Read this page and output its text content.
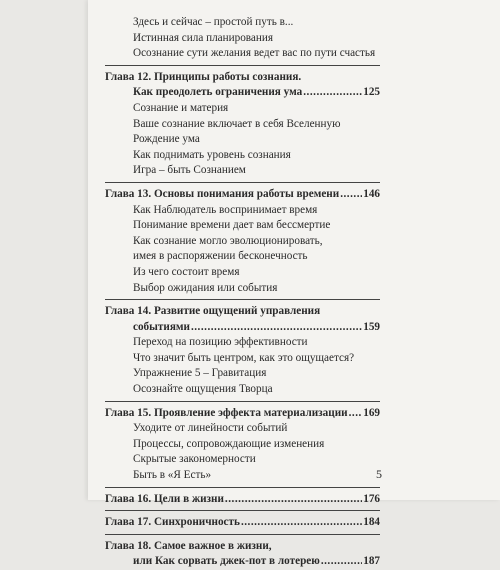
Здесь и сейчас – простой путь в...
Истинная сила планирования
Осознание сути желания ведет вас по пути счастья
Глава 12. Принципы работы сознания.
Как преодолеть ограничения ума .....	125
Сознание и материя
Ваше сознание включает в себя Вселенную
Рождение ума
Как поднимать уровень сознания
Игра – быть Сознанием
Глава 13. Основы понимания работы времени ..... 146
Как Наблюдатель воспринимает время
Понимание времени дает вам бессмертие
Как сознание могло эволюционировать,
имея в распоряжении бесконечность
Из чего состоит время
Выбор ожидания или события
Глава 14. Развитие ощущений управления
событиями .....	159
Переход на позицию эффективности
Что значит быть центром, как это ощущается?
Упражнение 5 – Гравитация
Осознайте ощущения Творца
Глава 15. Проявление эффекта материализации ..... 169
Уходите от линейности событий
Процессы, сопровождающие изменения
Скрытые закономерности
Быть в «Я Есть»
Глава 16. Цели в жизни .....	176
Глава 17. Синхроничность .....	184
Глава 18. Самое важное в жизни,
или Как сорвать джек-пот в лотерею .....	187
5
